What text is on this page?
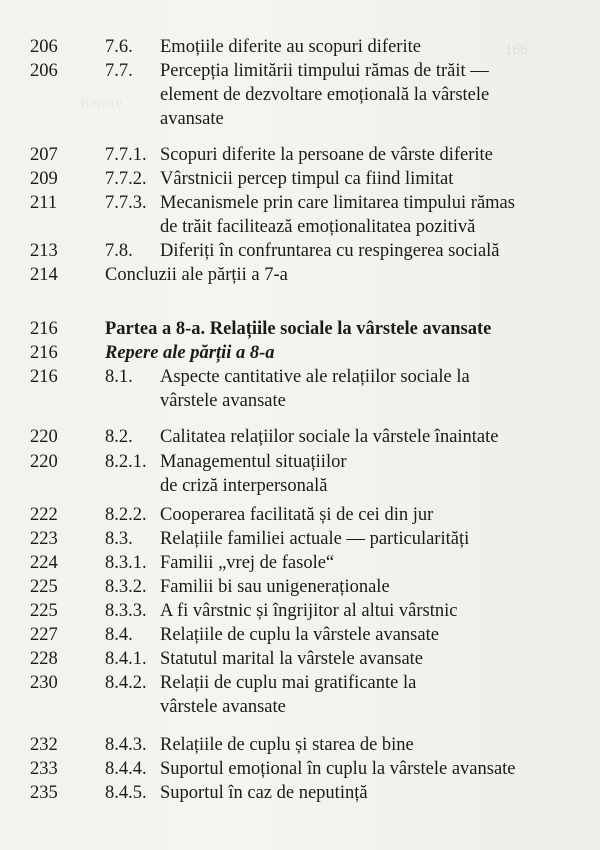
166
Repere
206	7.6. Emoțiile diferite au scopuri diferite
206	7.7. Percepția limitării timpului rămas de trăit —
element de dezvoltare emoțională la vârstele
avansate
207	7.7.1. Scopuri diferite la persoane de vârste diferite
209	7.7.2. Vârstnicii percep timpul ca fiind limitat
211	7.7.3. Mecanismele prin care limitarea timpului rămas
de trăit facilitează emoționalitatea pozitivă
213	7.8. Diferiți în confruntarea cu respingerea socială
214	Concluzii ale părții a 7-a
216	Partea a 8-a. Relațiile sociale la vârstele avansate
216	Repere ale părții a 8-a
216	8.1. Aspecte cantitative ale relațiilor sociale la
vârstele avansate
220	8.2. Calitatea relațiilor sociale la vârstele înaintate
220	8.2.1. Managementul situațiilor
de criză interpersonală
222	8.2.2. Cooperarea facilitată și de cei din jur
223	8.3. Relațiile familiei actuale — particularități
224	8.3.1. Familii „vrej de fasole“
225	8.3.2. Familii bi sau unigeneraționale
225	8.3.3. A fi vârstnic și îngrijitor al altui vârstnic
227	8.4. Relațiile de cuplu la vârstele avansate
228	8.4.1. Statutul marital la vârstele avansate
230	8.4.2. Relații de cuplu mai gratificante la
vârstele avansate
232	8.4.3. Relațiile de cuplu și starea de bine
233	8.4.4. Suportul emoțional în cuplu la vârstele avansate
235	8.4.5. Suportul în caz de neputință
